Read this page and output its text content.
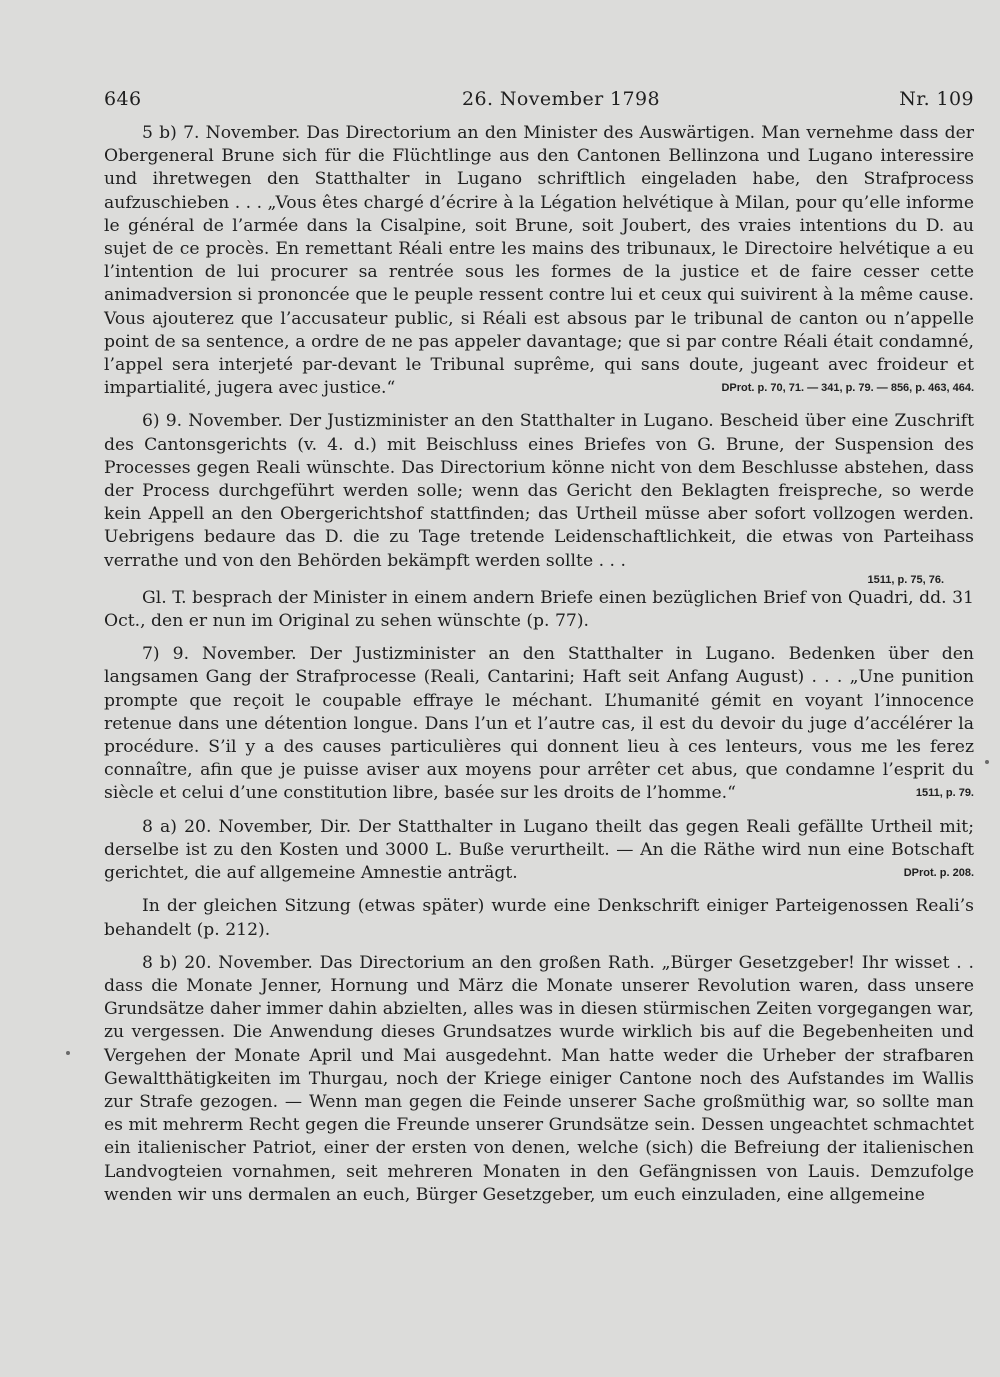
646	26. November 1798	Nr. 109

5 b) 7. November. Das Directorium an den Minister des Auswärtigen. Man vernehme dass der Obergeneral Brune sich für die Flüchtlinge aus den Cantonen Bellinzona und Lugano interessire und ihretwegen den Statthalter in Lugano schriftlich eingeladen habe, den Strafprocess aufzuschieben . . . „Vous êtes chargé d’écrire à la Légation helvétique à Milan, pour qu’elle informe le général de l’armée dans la Cisalpine, soit Brune, soit Joubert, des vraies intentions du D. au sujet de ce procès. En remettant Réali entre les mains des tribunaux, le Directoire helvétique a eu l’intention de lui procurer sa rentrée sous les formes de la justice et de faire cesser cette animadversion si prononcée que le peuple ressent contre lui et ceux qui suivirent à la même cause. Vous ajouterez que l’accusateur public, si Réali est absous par le tribunal de canton ou n’appelle point de sa sentence, a ordre de ne pas appeler davantage; que si par contre Réali était condamné, l’appel sera interjeté par-devant le Tribunal suprême, qui sans doute, jugeant avec froideur et impartialité, jugera avec justice.“	DProt. p. 70, 71. — 341, p. 79. — 856, p. 463, 464.

6) 9. November. Der Justizminister an den Statthalter in Lugano. Bescheid über eine Zuschrift des Cantonsgerichts (v. 4. d.) mit Beischluss eines Briefes von G. Brune, der Suspension des Processes gegen Reali wünschte. Das Directorium könne nicht von dem Beschlusse abstehen, dass der Process durchgeführt werden solle; wenn das Gericht den Beklagten freispreche, so werde kein Appell an den Obergerichtshof stattfinden; das Urtheil müsse aber sofort vollzogen werden. Uebrigens bedaure das D. die zu Tage tretende Leidenschaftlichkeit, die etwas von Parteihass verrathe und von den Behörden bekämpft werden sollte . . .

1511, p. 75, 76.

Gl. T. besprach der Minister in einem andern Briefe einen bezüglichen Brief von Quadri, dd. 31 Oct., den er nun im Original zu sehen wünschte (p. 77).

7) 9. November. Der Justizminister an den Statthalter in Lugano. Bedenken über den langsamen Gang der Strafprocesse (Reali, Cantarini; Haft seit Anfang August) . . . „Une punition prompte que reçoit le coupable effraye le méchant. L’humanité gémit en voyant l’innocence retenue dans une détention longue. Dans l’un et l’autre cas, il est du devoir du juge d’accélérer la procédure. S’il y a des causes particulières qui donnent lieu à ces lenteurs, vous me les ferez connaître, afin que je puisse aviser aux moyens pour arrêter cet abus, que condamne l’esprit du siècle et celui d’une constitution libre, basée sur les droits de l’homme.“	1511, p. 79.

8 a) 20. November, Dir. Der Statthalter in Lugano theilt das gegen Reali gefällte Urtheil mit; derselbe ist zu den Kosten und 3000 L. Buße verurtheilt. — An die Räthe wird nun eine Botschaft gerichtet, die auf allgemeine Amnestie anträgt.	DProt. p. 208.

In der gleichen Sitzung (etwas später) wurde eine Denkschrift einiger Parteigenossen Reali’s behandelt (p. 212).

8 b) 20. November. Das Directorium an den großen Rath. „Bürger Gesetzgeber! Ihr wisset . . dass die Monate Jenner, Hornung und März die Monate unserer Revolution waren, dass unsere Grundsätze daher immer dahin abzielten, alles was in diesen stürmischen Zeiten vorgegangen war, zu vergessen. Die Anwendung dieses Grundsatzes wurde wirklich bis auf die Begebenheiten und Vergehen der Monate April und Mai ausgedehnt. Man hatte weder die Urheber der strafbaren Gewaltthätigkeiten im Thurgau, noch der Kriege einiger Cantone noch des Aufstandes im Wallis zur Strafe gezogen. — Wenn man gegen die Feinde unserer Sache großmüthig war, so sollte man es mit mehrerm Recht gegen die Freunde unserer Grundsätze sein. Dessen ungeachtet schmachtet ein italienischer Patriot, einer der ersten von denen, welche (sich) die Befreiung der italienischen Landvogteien vornahmen, seit mehreren Monaten in den Gefängnissen von Lauis. Demzufolge wenden wir uns dermalen an euch, Bürger Gesetzgeber, um euch einzuladen, eine allgemeine
